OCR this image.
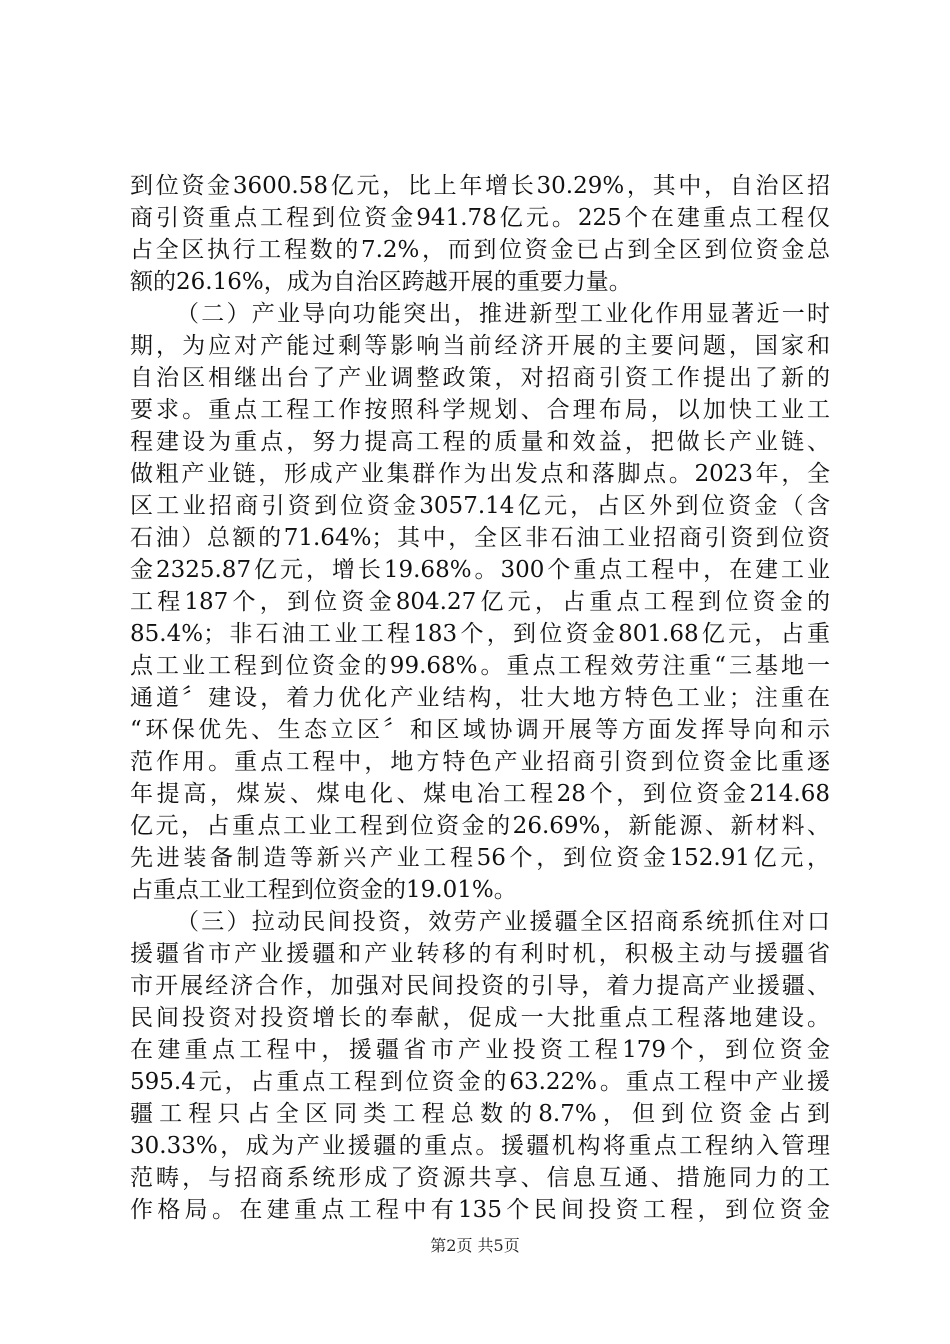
到位资金3600.58亿元，比上年增长30.29%，其中，自治区招
商引资重点工程到位资金941.78亿元。225个在建重点工程仅
占全区执行工程数的7.2%，而到位资金已占到全区到位资金总
额的26.16%，成为自治区跨越开展的重要力量。
（二）产业导向功能突出，推进新型工业化作用显著近一时
期，为应对产能过剩等影响当前经济开展的主要问题，国家和
自治区相继出台了产业调整政策，对招商引资工作提出了新的
要求。重点工程工作按照科学规划、合理布局，以加快工业工
程建设为重点，努力提高工程的质量和效益，把做长产业链、
做粗产业链，形成产业集群作为出发点和落脚点。2023年，全
区工业招商引资到位资金3057.14亿元，占区外到位资金（含
石油）总额的71.64%；其中，全区非石油工业招商引资到位资
金2325.87亿元，增长19.68%。300个重点工程中，在建工业
工程187个，到位资金804.27亿元，占重点工程到位资金的
85.4%；非石油工业工程183个，到位资金801.68亿元，占重
点工业工程到位资金的99.68%。重点工程效劳注重“三基地一
通道〞建设，着力优化产业结构，壮大地方特色工业；注重在
“环保优先、生态立区〞和区域协调开展等方面发挥导向和示
范作用。重点工程中，地方特色产业招商引资到位资金比重逐
年提高，煤炭、煤电化、煤电冶工程28个，到位资金214.68
亿元，占重点工业工程到位资金的26.69%，新能源、新材料、
先进装备制造等新兴产业工程56个，到位资金152.91亿元，
占重点工业工程到位资金的19.01%。
（三）拉动民间投资，效劳产业援疆全区招商系统抓住对口
援疆省市产业援疆和产业转移的有利时机，积极主动与援疆省
市开展经济合作，加强对民间投资的引导，着力提高产业援疆、
民间投资对投资增长的奉献，促成一大批重点工程落地建设。
在建重点工程中，援疆省市产业投资工程179个，到位资金
595.4元，占重点工程到位资金的63.22%。重点工程中产业援
疆工程只占全区同类工程总数的8.7%，但到位资金占到
30.33%，成为产业援疆的重点。援疆机构将重点工程纳入管理
范畴，与招商系统形成了资源共享、信息互通、措施同力的工
作格局。在建重点工程中有135个民间投资工程，到位资金
第2页 共5页
